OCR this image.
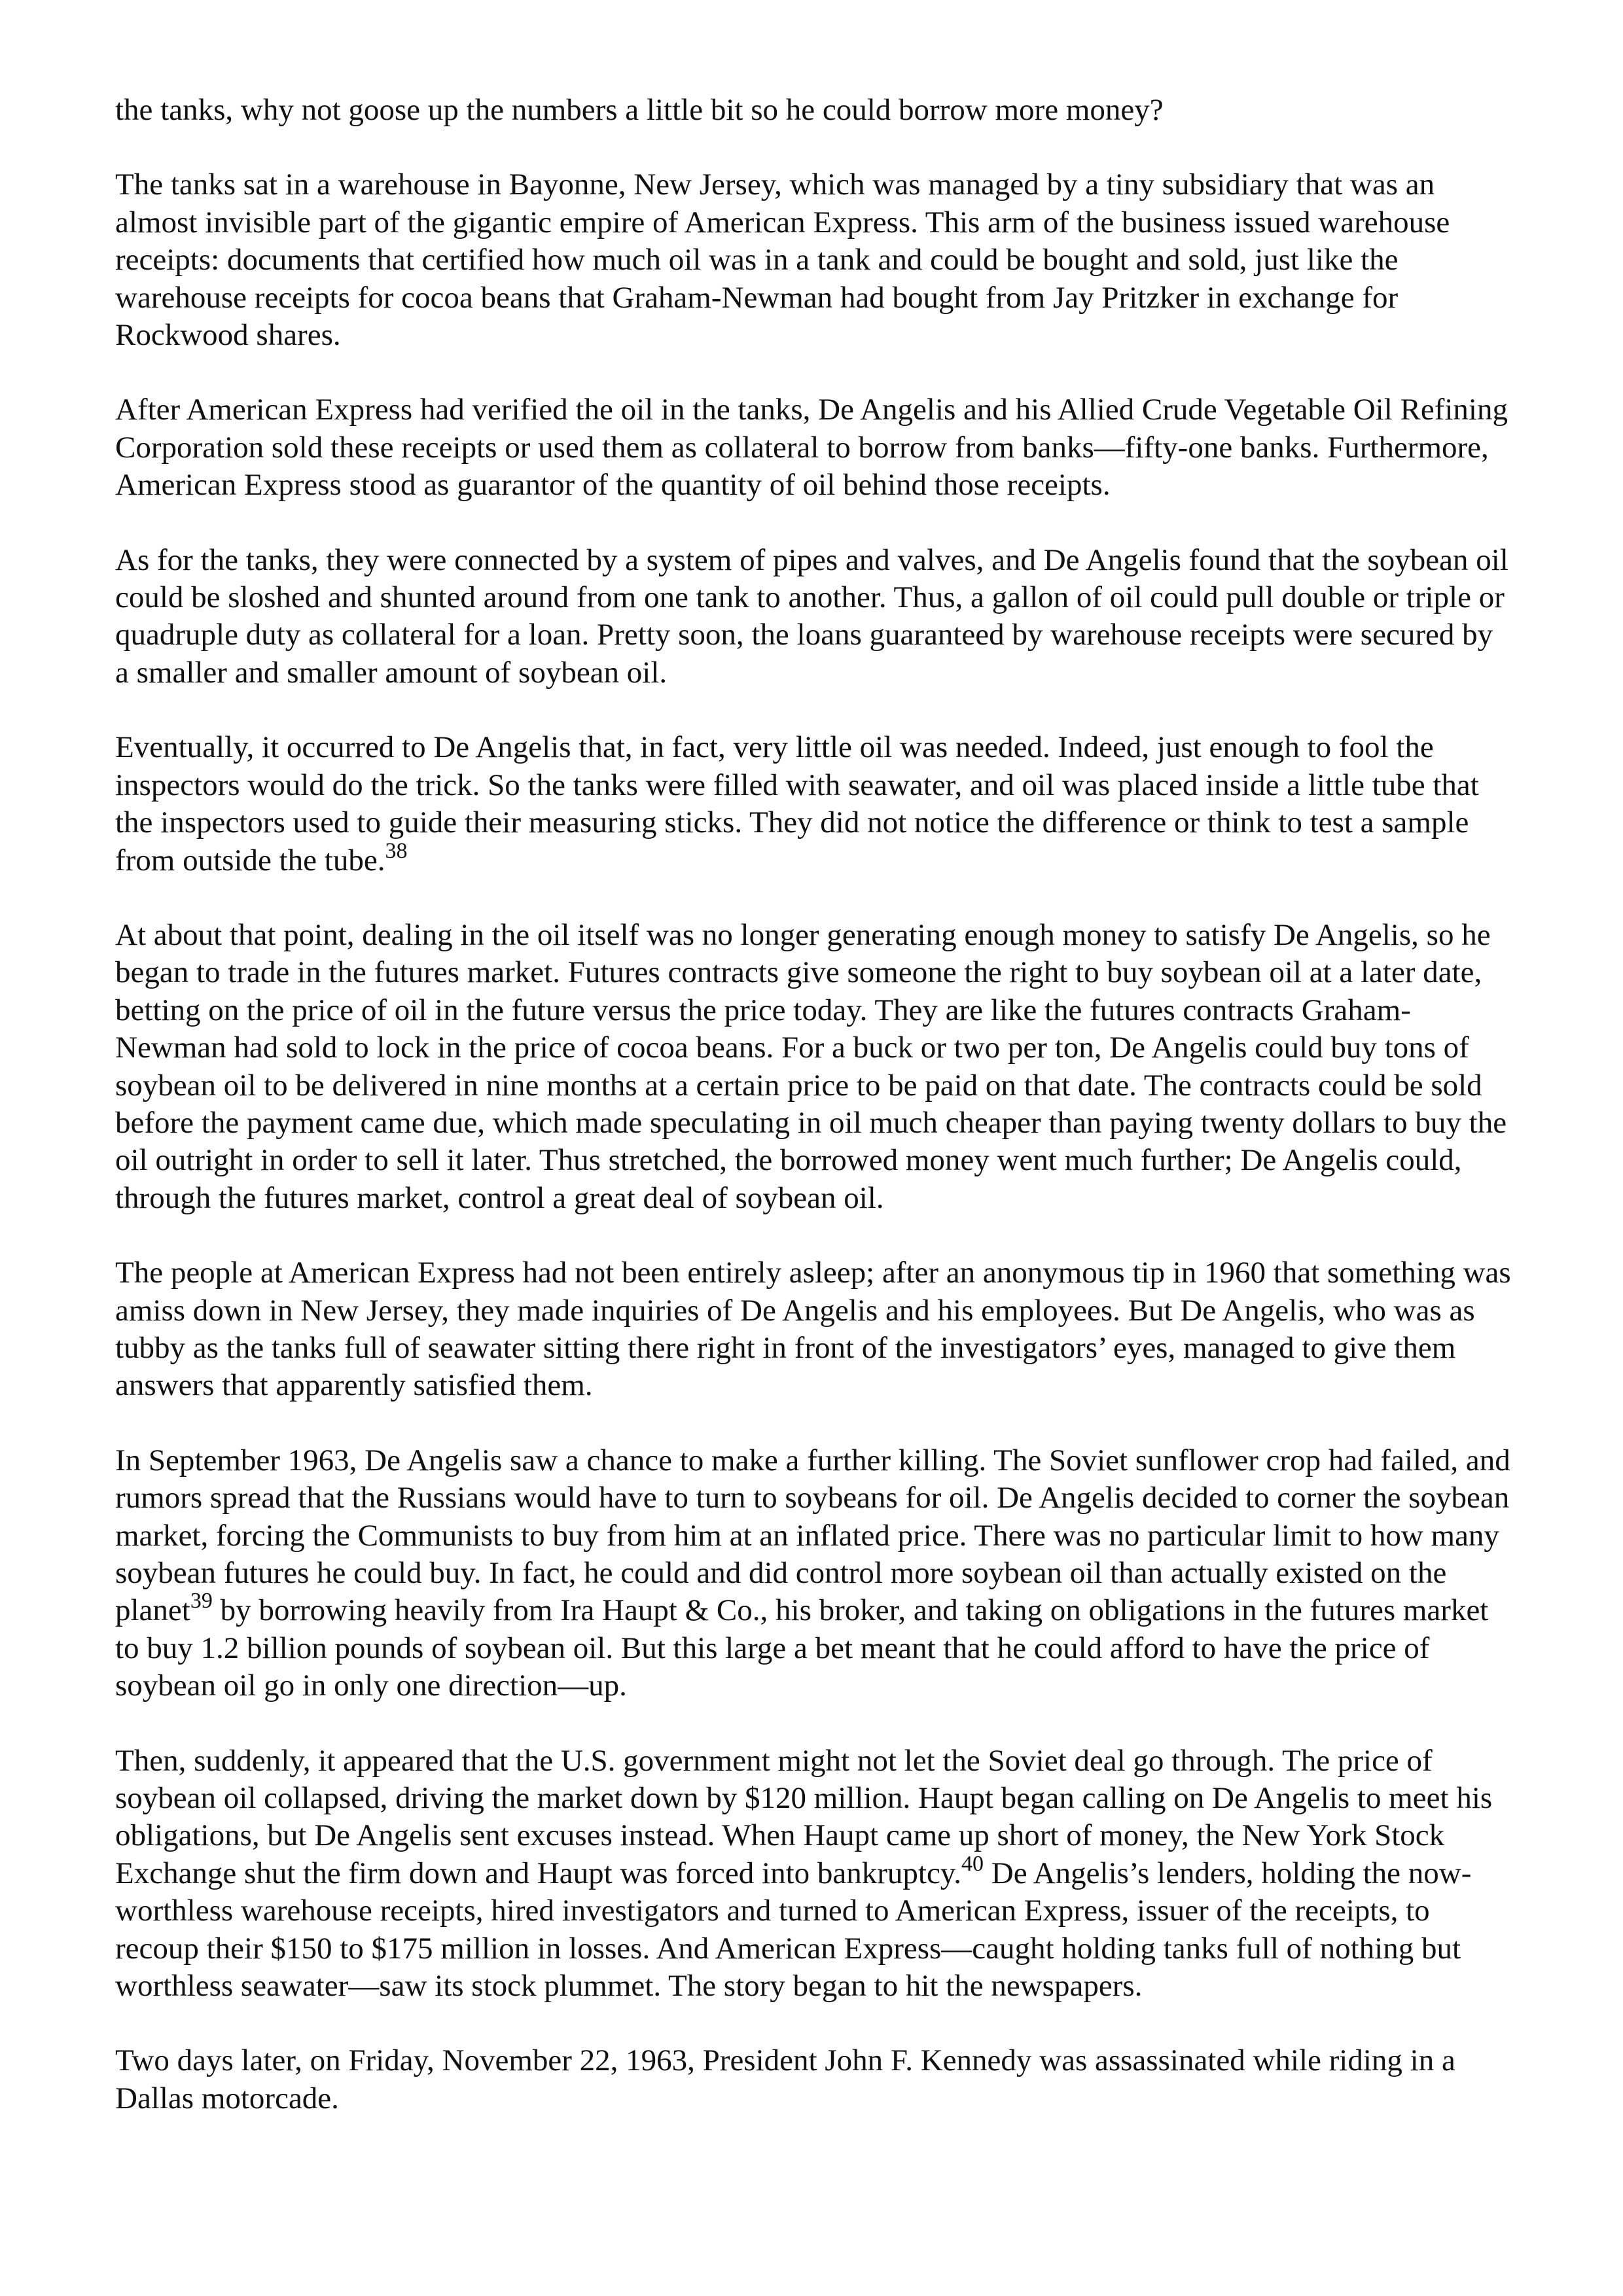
the tanks, why not goose up the numbers a little bit so he could borrow more money?

The tanks sat in a warehouse in Bayonne, New Jersey, which was managed by a tiny subsidiary that was an almost invisible part of the gigantic empire of American Express. This arm of the business issued warehouse receipts: documents that certified how much oil was in a tank and could be bought and sold, just like the warehouse receipts for cocoa beans that Graham-Newman had bought from Jay Pritzker in exchange for Rockwood shares.

After American Express had verified the oil in the tanks, De Angelis and his Allied Crude Vegetable Oil Refining Corporation sold these receipts or used them as collateral to borrow from banks—fifty-one banks. Furthermore, American Express stood as guarantor of the quantity of oil behind those receipts.

As for the tanks, they were connected by a system of pipes and valves, and De Angelis found that the soybean oil could be sloshed and shunted around from one tank to another. Thus, a gallon of oil could pull double or triple or quadruple duty as collateral for a loan. Pretty soon, the loans guaranteed by warehouse receipts were secured by a smaller and smaller amount of soybean oil.

Eventually, it occurred to De Angelis that, in fact, very little oil was needed. Indeed, just enough to fool the inspectors would do the trick. So the tanks were filled with seawater, and oil was placed inside a little tube that the inspectors used to guide their measuring sticks. They did not notice the difference or think to test a sample from outside the tube.$^{38}$

At about that point, dealing in the oil itself was no longer generating enough money to satisfy De Angelis, so he began to trade in the futures market. Futures contracts give someone the right to buy soybean oil at a later date, betting on the price of oil in the future versus the price today. They are like the futures contracts Graham-Newman had sold to lock in the price of cocoa beans. For a buck or two per ton, De Angelis could buy tons of soybean oil to be delivered in nine months at a certain price to be paid on that date. The contracts could be sold before the payment came due, which made speculating in oil much cheaper than paying twenty dollars to buy the oil outright in order to sell it later. Thus stretched, the borrowed money went much further; De Angelis could, through the futures market, control a great deal of soybean oil.

The people at American Express had not been entirely asleep; after an anonymous tip in 1960 that something was amiss down in New Jersey, they made inquiries of De Angelis and his employees. But De Angelis, who was as tubby as the tanks full of seawater sitting there right in front of the investigators’ eyes, managed to give them answers that apparently satisfied them.

In September 1963, De Angelis saw a chance to make a further killing. The Soviet sunflower crop had failed, and rumors spread that the Russians would have to turn to soybeans for oil. De Angelis decided to corner the soybean market, forcing the Communists to buy from him at an inflated price. There was no particular limit to how many soybean futures he could buy. In fact, he could and did control more soybean oil than actually existed on the planet$^{39}$ by borrowing heavily from Ira Haupt & Co., his broker, and taking on obligations in the futures market to buy 1.2 billion pounds of soybean oil. But this large a bet meant that he could afford to have the price of soybean oil go in only one direction—up.

Then, suddenly, it appeared that the U.S. government might not let the Soviet deal go through. The price of soybean oil collapsed, driving the market down by $120 million. Haupt began calling on De Angelis to meet his obligations, but De Angelis sent excuses instead. When Haupt came up short of money, the New York Stock Exchange shut the firm down and Haupt was forced into bankruptcy.$^{40}$ De Angelis’s lenders, holding the now-worthless warehouse receipts, hired investigators and turned to American Express, issuer of the receipts, to recoup their $150 to $175 million in losses. And American Express—caught holding tanks full of nothing but worthless seawater—saw its stock plummet. The story began to hit the newspapers.

Two days later, on Friday, November 22, 1963, President John F. Kennedy was assassinated while riding in a Dallas motorcade.
